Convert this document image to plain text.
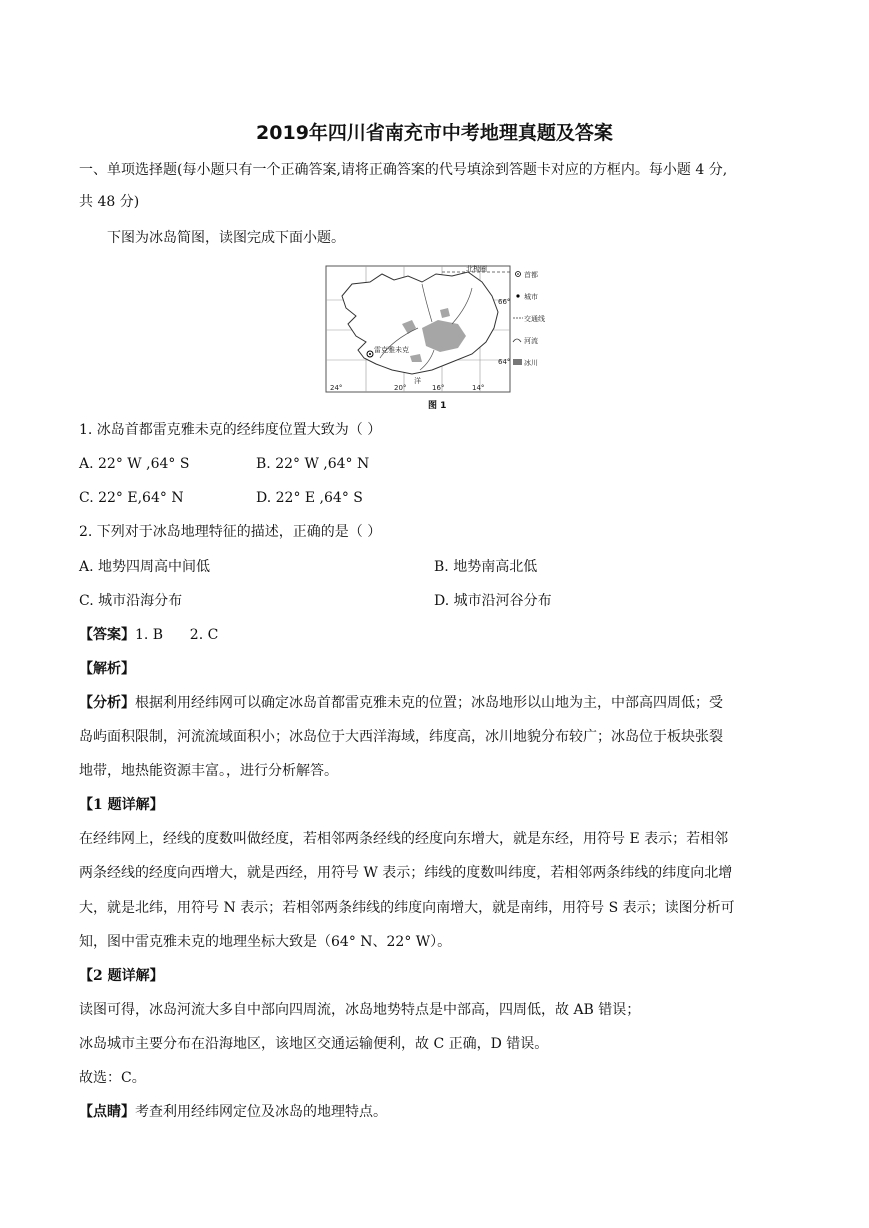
2019年四川省南充市中考地理真题及答案
一、单项选择题(每小题只有一个正确答案,请将正确答案的代号填涂到答题卡对应的方框内。每小题 4 分,
共 48 分)
下图为冰岛简图，读图完成下面小题。
雷克雅未克
北极圈
66°
64°
24°	20°	16°	14°
洋
首都
城市
交通线
河流
冰川
图 1
1. 冰岛首都雷克雅未克的经纬度位置大致为（ ）
A. 22° W ,64° S	B. 22° W ,64° N
C. 22° E,64° N	D. 22° E ,64° S
2. 下列对于冰岛地理特征的描述，正确的是（ ）
A. 地势四周高中间低	B. 地势南高北低
C. 城市沿海分布	D. 城市沿河谷分布
【答案】1. B      2. C
【解析】
【分析】根据利用经纬网可以确定冰岛首都雷克雅未克的位置；冰岛地形以山地为主，中部高四周低；受
岛屿面积限制，河流流域面积小；冰岛位于大西洋海域，纬度高，冰川地貌分布较广；冰岛位于板块张裂
地带，地热能资源丰富。，进行分析解答。
【1 题详解】
在经纬网上，经线的度数叫做经度，若相邻两条经线的经度向东增大，就是东经，用符号 E 表示；若相邻
两条经线的经度向西增大，就是西经，用符号 W 表示；纬线的度数叫纬度，若相邻两条纬线的纬度向北增
大，就是北纬，用符号 N 表示；若相邻两条纬线的纬度向南增大，就是南纬，用符号 S 表示；读图分析可
知，图中雷克雅未克的地理坐标大致是（64° N、22° W）。
【2 题详解】
读图可得，冰岛河流大多自中部向四周流，冰岛地势特点是中部高，四周低，故 AB 错误；
冰岛城市主要分布在沿海地区，该地区交通运输便利，故 C 正确，D 错误。
故选：C。
【点睛】考查利用经纬网定位及冰岛的地理特点。
